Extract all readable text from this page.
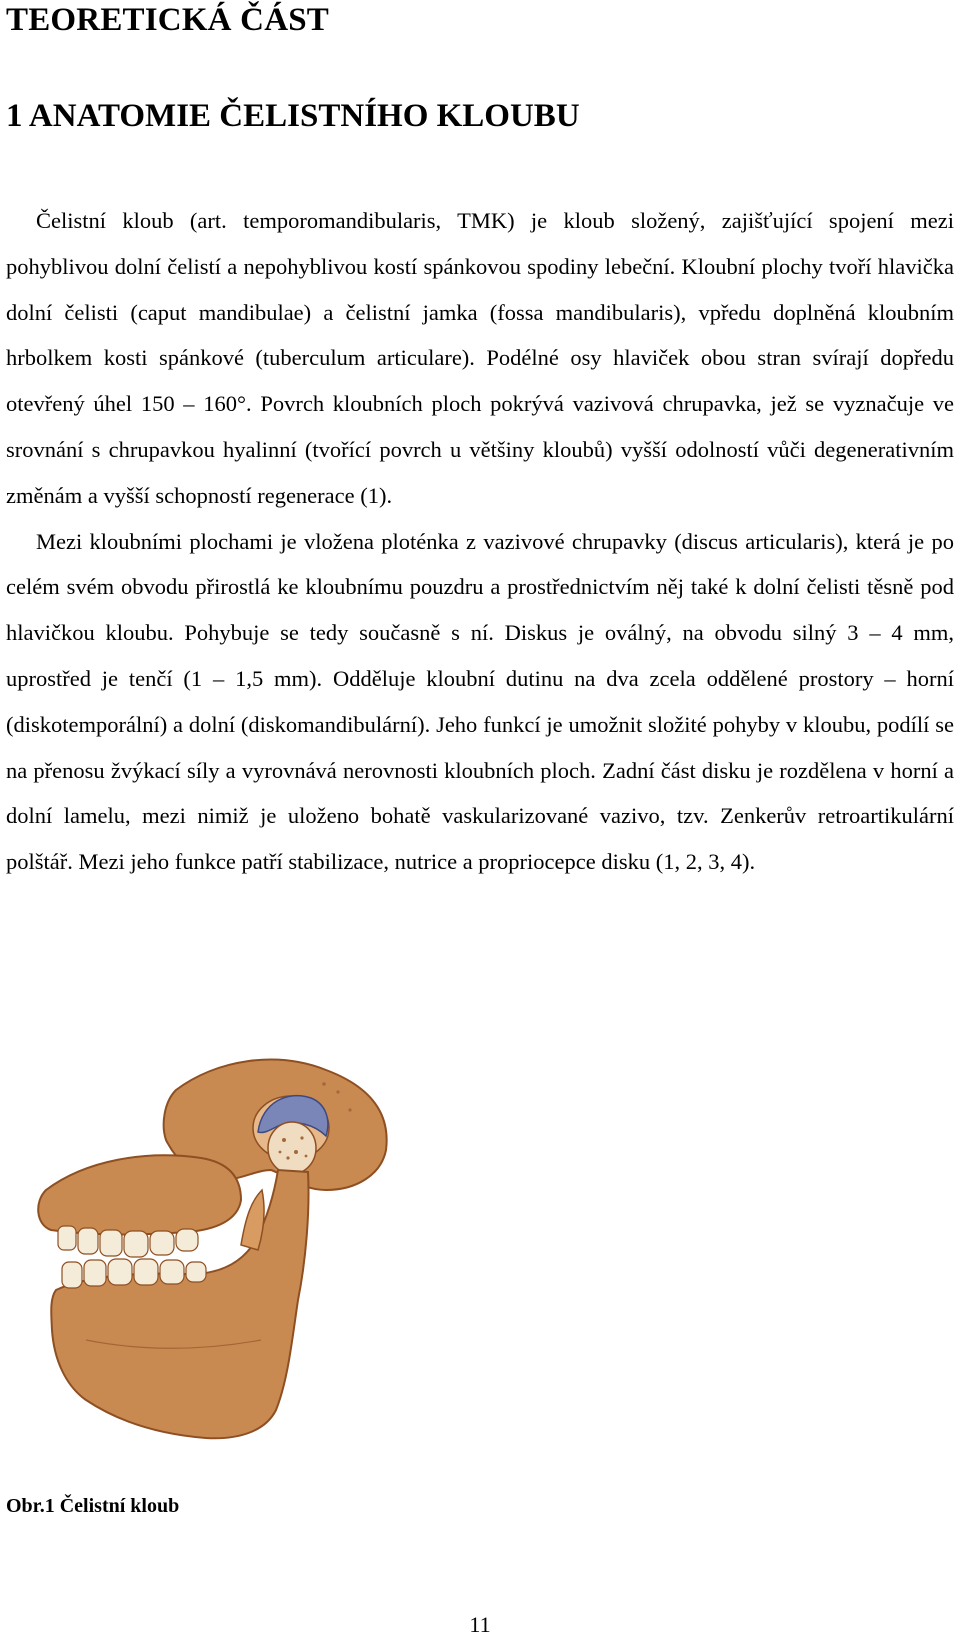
TEORETICKÁ ČÁST
1 ANATOMIE ČELISTNÍHO KLOUBU

Čelistní kloub (art. temporomandibularis, TMK) je kloub složený, zajišťující spojení mezi pohyblivou dolní čelistí a nepohyblivou kostí spánkovou spodiny lebeční. Kloubní plochy tvoří hlavička dolní čelisti (caput mandibulae) a čelistní jamka (fossa mandibularis), vpředu doplněná kloubním hrbolkem kosti spánkové (tuberculum articulare). Podélné osy hlaviček obou stran svírají dopředu otevřený úhel 150 – 160°. Povrch kloubních ploch pokrývá vazivová chrupavka, jež se vyznačuje ve srovnání s chrupavkou hyalinní (tvořící povrch u většiny kloubů) vyšší odolností vůči degenerativním změnám a vyšší schopností regenerace (1).

Mezi kloubními plochami je vložena ploténka z vazivové chrupavky (discus articularis), která je po celém svém obvodu přirostlá ke kloubnímu pouzdru a prostřednictvím něj také k dolní čelisti těsně pod hlavičkou kloubu. Pohybuje se tedy současně s ní. Diskus je oválný, na obvodu silný 3 – 4 mm, uprostřed je tenčí (1 – 1,5 mm). Odděluje kloubní dutinu na dva zcela oddělené prostory – horní (diskotemporální) a dolní (diskomandibulární). Jeho funkcí je umožnit složité pohyby v kloubu, podílí se na přenosu žvýkací síly a vyrovnává nerovnosti kloubních ploch. Zadní část disku je rozdělena v horní a dolní lamelu, mezi nimiž je uloženo bohatě vaskularizované vazivo, tzv. Zenkerův retroartikulární polštář. Mezi jeho funkce patří stabilizace, nutrice a propriocepce disku (1, 2, 3, 4).

Obr.1 Čelistní kloub
11
